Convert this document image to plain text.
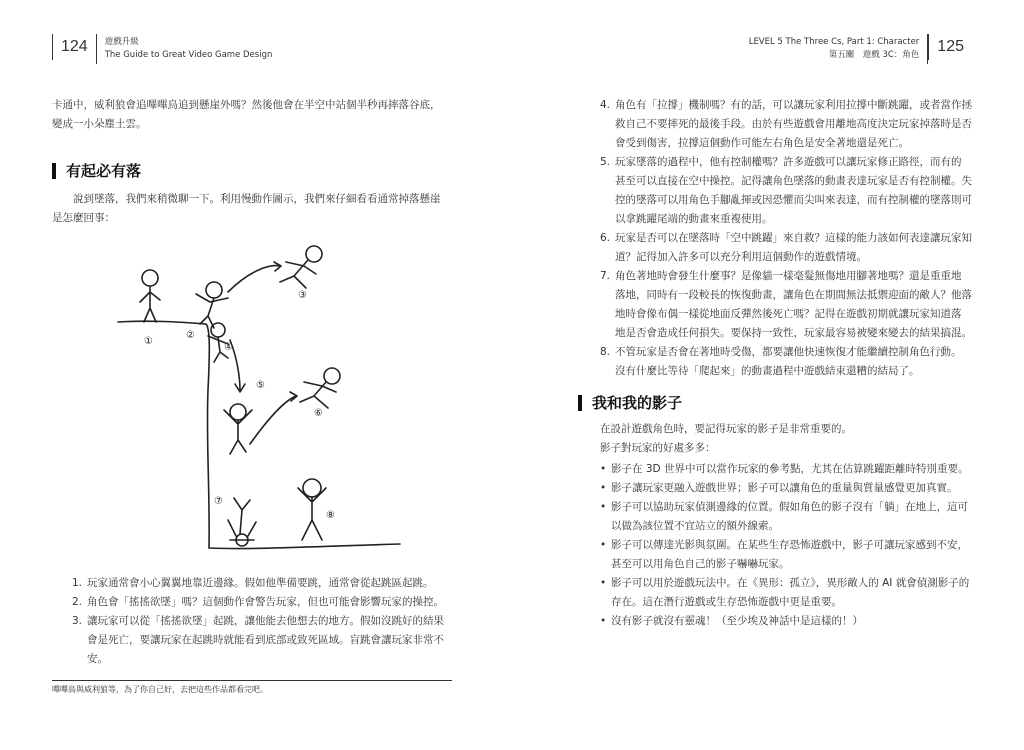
124	遊戲升級
The Guide to Great Video Game Design
LEVEL 5 The Three Cs, Part 1: Character
第五關　遊戲 3C：角色	125
卡通中，威利狼會追嗶嗶鳥追到懸崖外嗎？然後他會在半空中站個半秒再摔落谷底，
變成一小朵塵土雲。
有起必有落
說到墜落，我們來稍微聊一下。利用慢動作圖示，我們來仔細看看通常掉落懸崖
是怎麼回事：
①
②
③
④
⑤
⑥
⑦
⑧
1. 玩家通常會小心翼翼地靠近邊緣。假如他準備要跳，通常會從起跳區起跳。
2. 角色會「搖搖欲墜」嗎？這個動作會警告玩家，但也可能會影響玩家的操控。
3. 讓玩家可以從「搖搖欲墜」起跳，讓他能去他想去的地方。假如沒跳好的結果
會是死亡，要讓玩家在起跳時就能看到底部或致死區域。盲跳會讓玩家非常不
安。
嗶嗶鳥與威利狼等，為了你自己好，去把這些作品都看完吧。
4. 角色有「拉撐」機制嗎？有的話，可以讓玩家利用拉撐中斷跳躍，或者當作拯
救自己不要摔死的最後手段。由於有些遊戲會用離地高度決定玩家掉落時是否
會受到傷害，拉撐這個動作可能左右角色是安全著地還是死亡。
5. 玩家墜落的過程中，他有控制權嗎？許多遊戲可以讓玩家修正路徑，而有的
甚至可以直接在空中操控。記得讓角色墜落的動畫表達玩家是否有控制權。失
控的墜落可以用角色手腳亂揮或因恐懼而尖叫來表達，而有控制權的墜落則可
以拿跳躍尾端的動畫來重複使用。
6. 玩家是否可以在墜落時「空中跳躍」來自救？這樣的能力該如何表達讓玩家知
道？記得加入許多可以充分利用這個動作的遊戲情境。
7. 角色著地時會發生什麼事？是像貓一樣毫髮無傷地用腳著地嗎？還是重重地
落地，同時有一段較長的恢復動畫，讓角色在期間無法抵禦迎面的敵人？他落
地時會像布偶一樣從地面反彈然後死亡嗎？記得在遊戲初期就讓玩家知道落
地是否會造成任何損失。要保持一致性，玩家最容易被變來變去的結果搞混。
8. 不管玩家是否會在著地時受傷，都要讓他快速恢復才能繼續控制角色行動。
沒有什麼比等待「爬起來」的動畫過程中遊戲結束還糟的結局了。
我和我的影子
在設計遊戲角色時，要記得玩家的影子是非常重要的。
影子對玩家的好處多多：
• 影子在 3D 世界中可以當作玩家的參考點，尤其在估算跳躍距離時特別重要。
• 影子讓玩家更融入遊戲世界；影子可以讓角色的重量與質量感覺更加真實。
• 影子可以協助玩家偵測邊緣的位置。假如角色的影子沒有「躺」在地上，這可
以做為該位置不宜站立的額外線索。
• 影子可以傳達光影與氛圍。在某些生存恐怖遊戲中，影子可讓玩家感到不安，
甚至可以用角色自己的影子嚇嚇玩家。
• 影子可以用於遊戲玩法中。在《異形：孤立》，異形敵人的 AI 就會偵測影子的
存在。這在潛行遊戲或生存恐怖遊戲中更是重要。
• 沒有影子就沒有靈魂！（至少埃及神話中是這樣的！）
